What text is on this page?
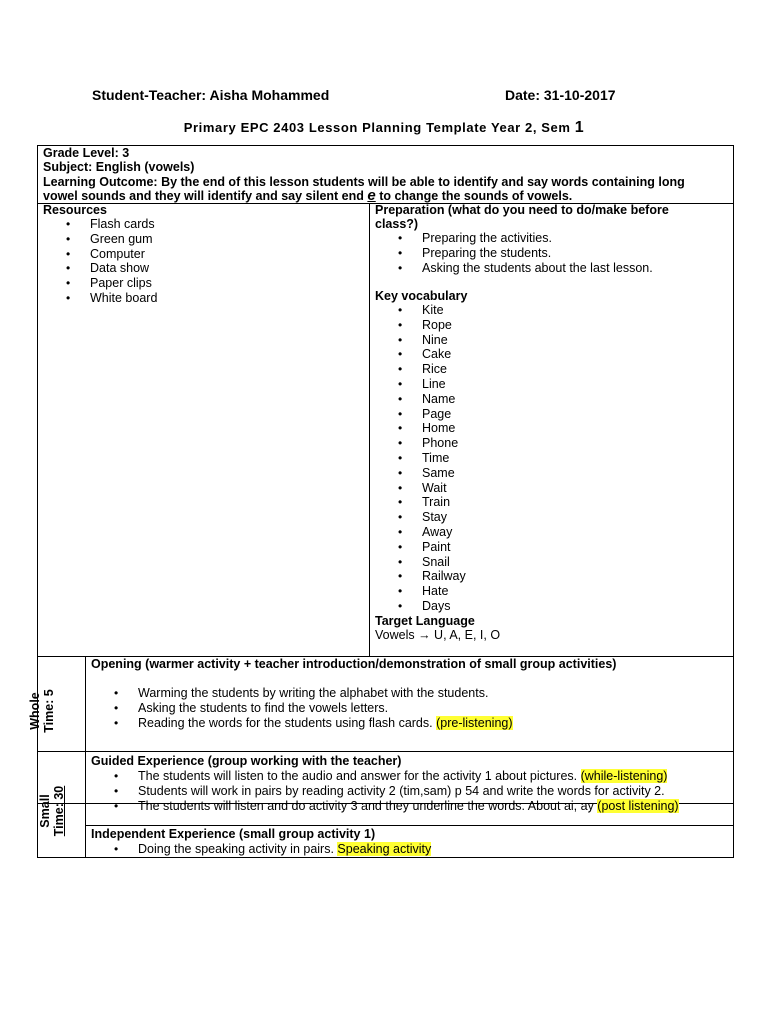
Student-Teacher: Aisha Mohammed	Date: 31-10-2017
Primary EPC 2403 Lesson Planning Template Year 2, Sem 1
Grade Level: 3
Subject: English (vowels)
Learning Outcome: By the end of this lesson students will be able to identify and say words containing long
vowel sounds and they will identify and say silent end e to change the sounds of vowels.
Resources
• Flash cards
• Green gum
• Computer
• Data show
• Paper clips
• White board
Preparation (what do you need to do/make before
class?)
• Preparing the activities.
• Preparing the students.
• Asking the students about the last lesson.
Key vocabulary
• Kite
• Rope
• Nine
• Cake
• Rice
• Line
• Name
• Page
• Home
• Phone
• Time
• Same
• Wait
• Train
• Stay
• Away
• Paint
• Snail
• Railway
• Hate
• Days
Target Language
Vowels → U, A, E, I, O
Whole Time: 5
Opening (warmer activity + teacher introduction/demonstration of small group activities)
• Warming the students by writing the alphabet with the students.
• Asking the students to find the vowels letters.
• Reading the words for the students using flash cards. (pre-listening)
Small Time: 30
Guided Experience (group working with the teacher)
• The students will listen to the audio and answer for the activity 1 about pictures. (while-listening)
• Students will work in pairs by reading activity 2 (tim,sam) p 54 and write the words for activity 2.
• The students will listen and do activity 3 and they underline the words. About ai, ay (post listening)
Independent Experience (small group activity 1)
• Doing the speaking activity in pairs. Speaking activity
